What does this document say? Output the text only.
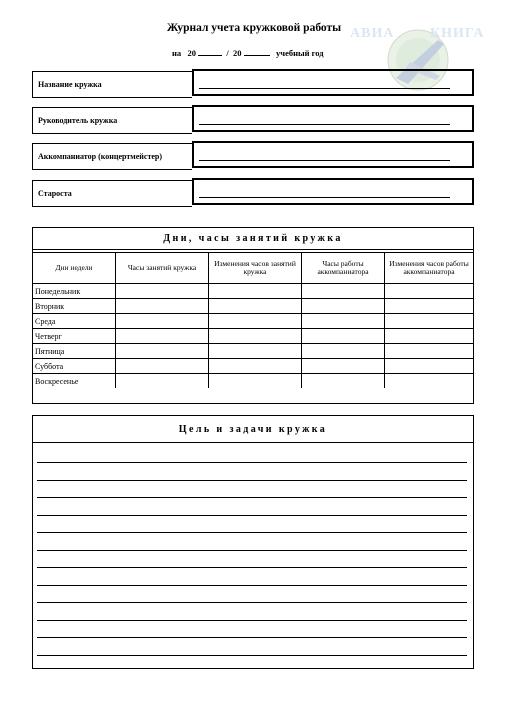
Журнал учета кружковой работы
на 20	/ 20	учебный год
АВИА	КНИГА
Название кружка
Руководитель кружка
Аккомпаниатор (концертмейстер)
Староста
Дни, часы занятий кружка
Дни недели	Часы занятий кружка	Изменения часов занятий кружка	Часы работы аккомпаниатора	Изменения часов работы аккомпаниатора
Понедельник				
Вторник				
Среда				
Четверг				
Пятница				
Суббота				
Воскресенье				
Цель и задачи кружка
